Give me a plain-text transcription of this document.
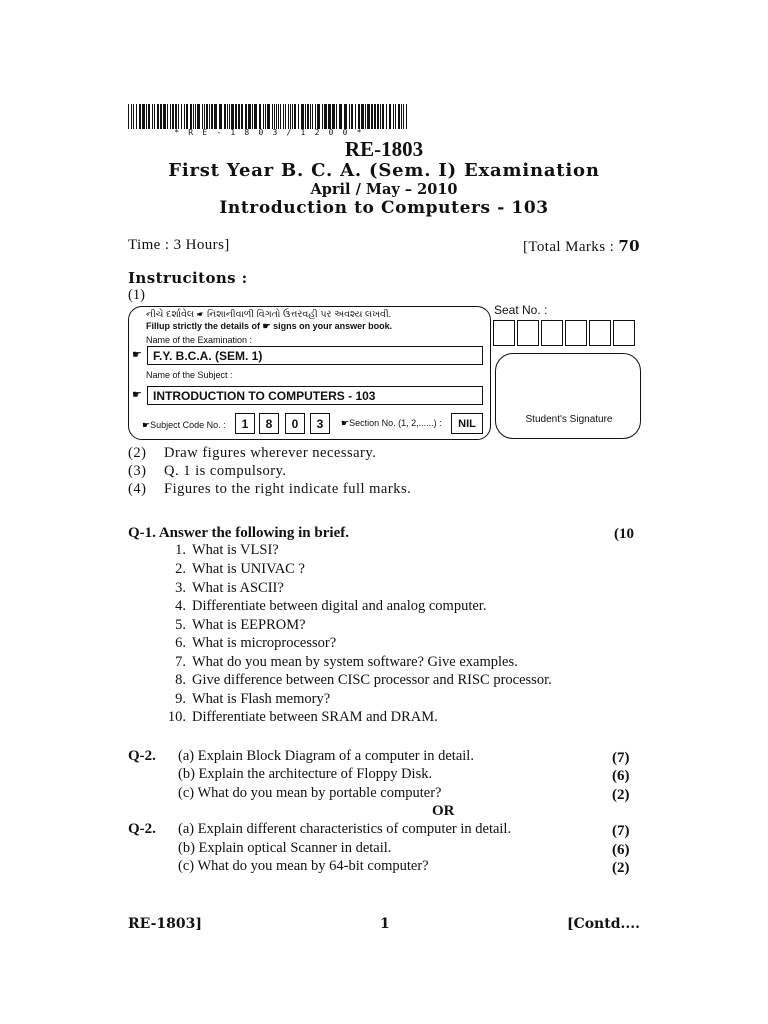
* R E - 1 8 0 3 / 1 2 0 0 *
RE-1803
First Year B. C. A. (Sem. I) Examination
April / May – 2010
Introduction to Computers - 103
Time : 3 Hours]	[Total Marks : 70
Instrucitons :
(1)
નીચે દર્શાવેલ ☛ નિશાનીવાળી વિગતો ઉત્તરવહી પર અવશ્ય લખવી.
Fillup strictly the details of ☛ signs on your answer book.
Name of the Examination :
☛ F.Y. B.C.A. (SEM. 1)
Name of the Subject :
☛ INTRODUCTION TO COMPUTERS - 103
☛Subject Code No. :	1	8	0	3	☛Section No. (1, 2,......) :	NIL
Seat No. :
Student's Signature
(2) Draw figures wherever necessary.
(3) Q. 1 is compulsory.
(4) Figures to the right indicate full marks.
Q-1. Answer the following in brief.	(10
1. What is VLSI?
2. What is UNIVAC ?
3. What is ASCII?
4. Differentiate between digital and analog computer.
5. What is EEPROM?
6. What is microprocessor?
7. What do you mean by system software? Give examples.
8. Give difference between CISC processor and RISC processor.
9. What is Flash memory?
10. Differentiate between SRAM and DRAM.
Q-2. (a) Explain Block Diagram of a computer in detail.	(7)
(b) Explain the architecture of Floppy Disk.	(6)
(c) What do you mean by portable computer?	(2)
OR
Q-2. (a) Explain different characteristics of computer in detail.	(7)
(b) Explain optical Scanner in detail.	(6)
(c) What do you mean by 64-bit computer?	(2)
RE-1803]	1	[Contd....
